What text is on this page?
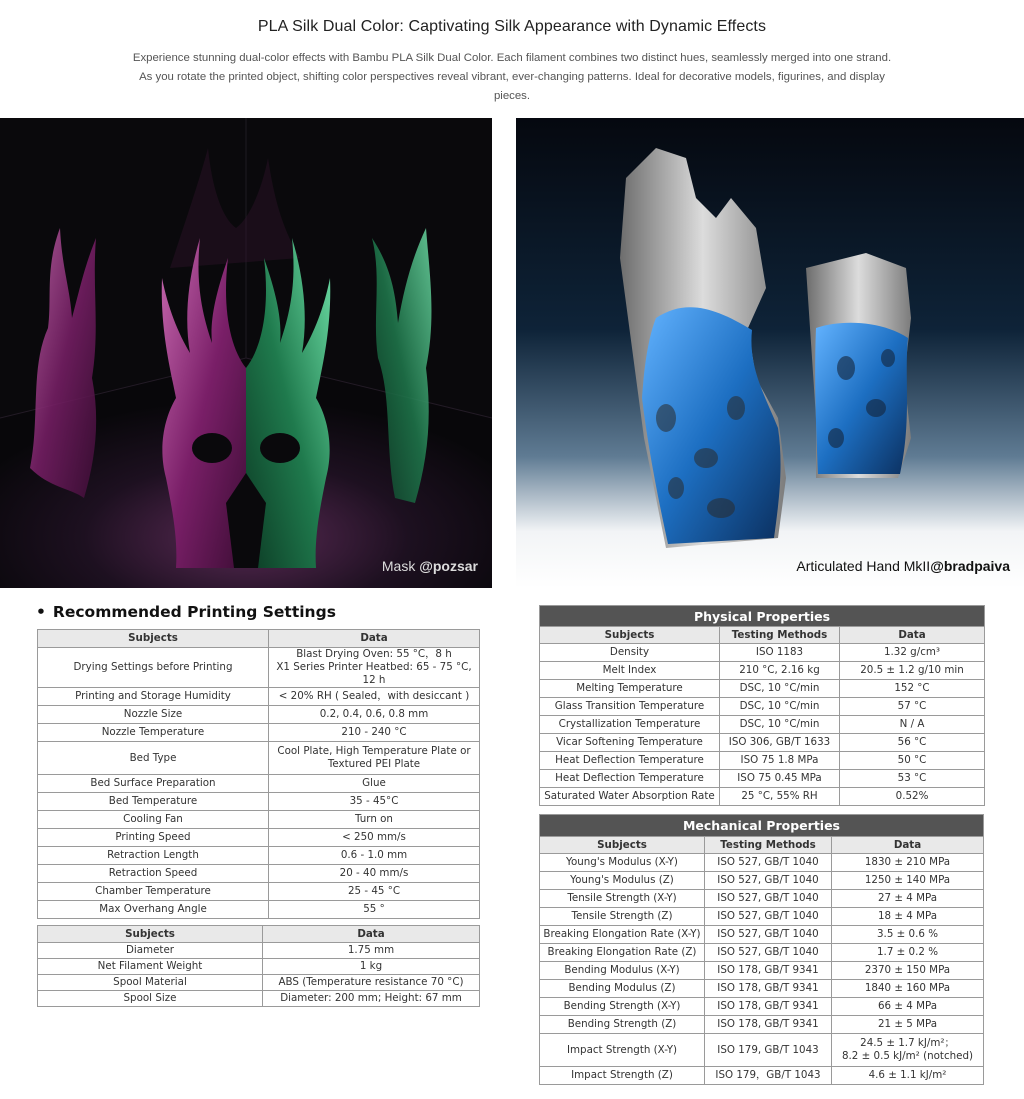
PLA Silk Dual Color: Captivating Silk Appearance with Dynamic Effects

Experience stunning dual-color effects with Bambu PLA Silk Dual Color. Each filament combines two distinct hues, seamlessly merged into one strand. As you rotate the printed object, shifting color perspectives reveal vibrant, ever-changing patterns. Ideal for decorative models, figurines, and display pieces.

Mask @pozsar	Articulated Hand MkII@bradpaiva
• Recommended Printing Settings
Subjects	Data
Drying Settings before Printing	Blast Drying Oven: 55 °C，8 h
X1 Series Printer Heatbed: 65 - 75 °C, 12 h
Printing and Storage Humidity	< 20% RH ( Sealed，with desiccant )
Nozzle Size	0.2, 0.4, 0.6, 0.8 mm
Nozzle Temperature	210 - 240 °C
Bed Type	Cool Plate, High Temperature Plate or
Textured PEI Plate
Bed Surface Preparation	Glue
Bed Temperature	35 - 45°C
Cooling Fan	Turn on
Printing Speed	< 250 mm/s
Retraction Length	0.6 - 1.0 mm
Retraction Speed	20 - 40 mm/s
Chamber Temperature	25 - 45 °C
Max Overhang Angle	55 °
Subjects	Data
Diameter	1.75 mm
Net Filament Weight	1 kg
Spool Material	ABS (Temperature resistance 70 °C)
Spool Size	Diameter: 200 mm; Height: 67 mm
Physical Properties		
Subjects	Testing Methods	Data
Density	ISO 1183	1.32 g/cm³
Melt Index	210 °C, 2.16 kg	20.5 ± 1.2 g/10 min
Melting Temperature	DSC, 10 °C/min	152 °C
Glass Transition Temperature	DSC, 10 °C/min	57 °C
Crystallization Temperature	DSC, 10 °C/min	N / A
Vicar Softening Temperature	ISO 306, GB/T 1633	56 °C
Heat Deflection Temperature	ISO 75 1.8 MPa	50 °C
Heat Deflection Temperature	ISO 75 0.45 MPa	53 °C
Saturated Water Absorption Rate	25 °C, 55% RH	0.52%
Mechanical Properties		
Subjects	Testing Methods	Data
Young's Modulus (X-Y)	ISO 527, GB/T 1040	1830 ± 210 MPa
Young's Modulus (Z)	ISO 527, GB/T 1040	1250 ± 140 MPa
Tensile Strength (X-Y)	ISO 527, GB/T 1040	27 ± 4 MPa
Tensile Strength (Z)	ISO 527, GB/T 1040	18 ± 4 MPa
Breaking Elongation Rate (X-Y)	ISO 527, GB/T 1040	3.5 ± 0.6 %
Breaking Elongation Rate (Z)	ISO 527, GB/T 1040	1.7 ± 0.2 %
Bending Modulus (X-Y)	ISO 178, GB/T 9341	2370 ± 150 MPa
Bending Modulus (Z)	ISO 178, GB/T 9341	1840 ± 160 MPa
Bending Strength (X-Y)	ISO 178, GB/T 9341	66 ± 4 MPa
Bending Strength (Z)	ISO 178, GB/T 9341	21 ± 5 MPa
Impact Strength (X-Y)	ISO 179, GB/T 1043	24.5 ± 1.7 kJ/m²；
8.2 ± 0.5 kJ/m² (notched)
Impact Strength (Z)	ISO 179，GB/T 1043	4.6 ± 1.1 kJ/m²
